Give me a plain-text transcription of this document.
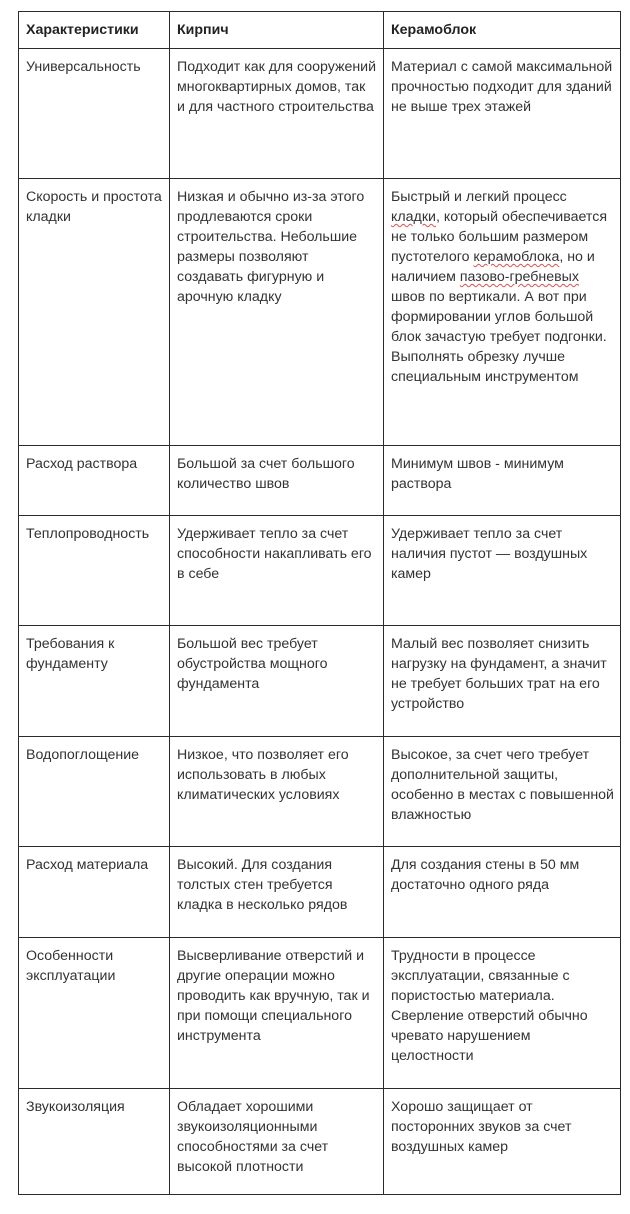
Характеристики	Кирпич	Керамоблок
Универсальность	Подходит как для сооружений многоквартирных домов, так и для частного строительства	Материал с самой максимальной прочностью подходит для зданий не выше трех этажей
Скорость и простота кладки	Низкая и обычно из-за этого продлеваются сроки строительства. Небольшие размеры позволяют создавать фигурную и арочную кладку	Быстрый и легкий процесс кладки, который обеспечивается не только большим размером пустотелого керамоблока, но и наличием пазово-гребневых швов по вертикали. А вот при формировании углов большой блок зачастую требует подгонки. Выполнять обрезку лучше специальным инструментом
Расход раствора	Большой за счет большого количество швов	Минимум швов - минимум раствора
Теплопроводность	Удерживает тепло за счет способности накапливать его в себе	Удерживает тепло за счет наличия пустот — воздушных камер
Требования к фундаменту	Большой вес требует обустройства мощного фундамента	Малый вес позволяет снизить нагрузку на фундамент, а значит не требует больших трат на его устройство
Водопоглощение	Низкое, что позволяет его использовать в любых климатических условиях	Высокое, за счет чего требует дополнительной защиты, особенно в местах с повышенной влажностью
Расход материала	Высокий. Для создания толстых стен требуется кладка в несколько рядов	Для создания стены в 50 мм достаточно одного ряда
Особенности эксплуатации	Высверливание отверстий и другие операции можно проводить как вручную, так и при помощи специального инструмента	Трудности в процессе эксплуатации, связанные с пористостью материала. Сверление отверстий обычно чревато нарушением целостности
Звукоизоляция	Обладает хорошими звукоизоляционными способностями за счет высокой плотности	Хорошо защищает от посторонних звуков за счет воздушных камер
